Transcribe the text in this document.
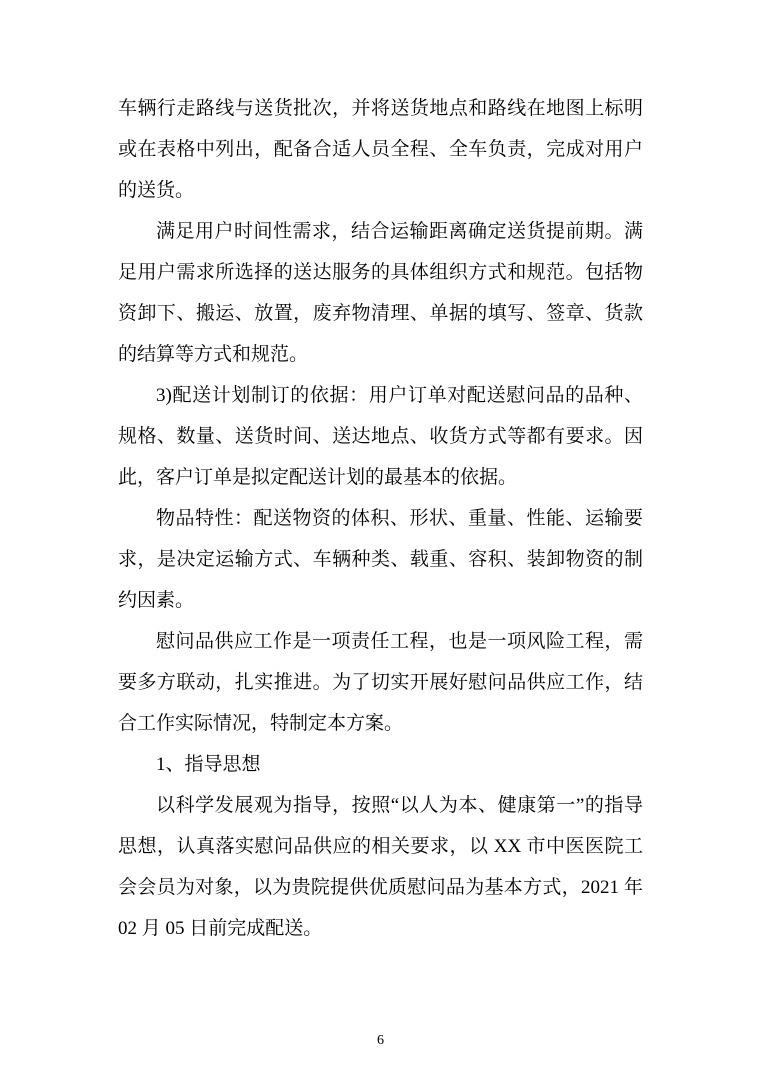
车辆行走路线与送货批次，并将送货地点和路线在地图上标明或在表格中列出，配备合适人员全程、全车负责，完成对用户的送货。

满足用户时间性需求，结合运输距离确定送货提前期。满足用户需求所选择的送达服务的具体组织方式和规范。包括物资卸下、搬运、放置，废弃物清理、单据的填写、签章、货款的结算等方式和规范。

3)配送计划制订的依据：用户订单对配送慰问品的品种、规格、数量、送货时间、送达地点、收货方式等都有要求。因此，客户订单是拟定配送计划的最基本的依据。

物品特性：配送物资的体积、形状、重量、性能、运输要求，是决定运输方式、车辆种类、载重、容积、装卸物资的制约因素。

慰问品供应工作是一项责任工程，也是一项风险工程，需要多方联动，扎实推进。为了切实开展好慰问品供应工作，结合工作实际情况，特制定本方案。

1、指导思想

以科学发展观为指导，按照“以人为本、健康第一”的指导思想，认真落实慰问品供应的相关要求，以 XX 市中医医院工会会员为对象，以为贵院提供优质慰问品为基本方式，2021 年 02 月 05 日前完成配送。

6
